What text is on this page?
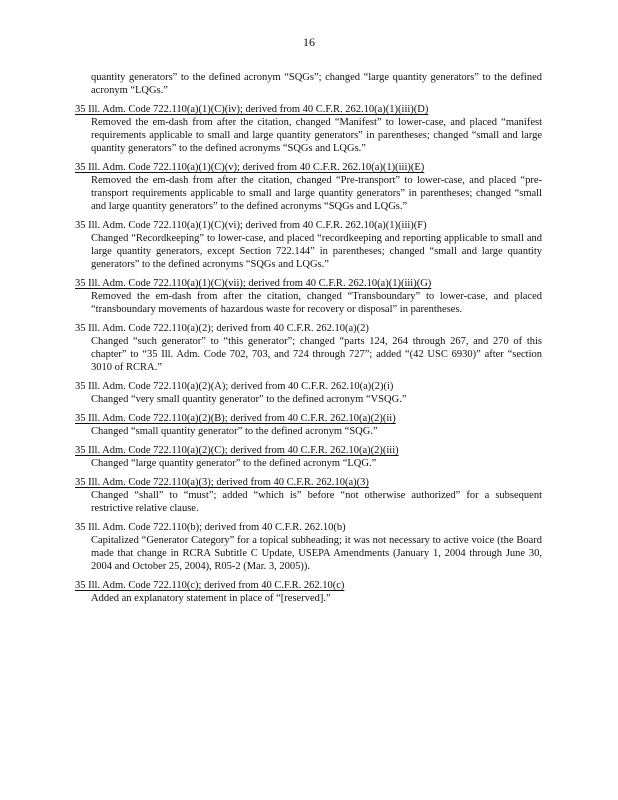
16
quantity generators” to the defined acronym “SQGs”; changed “large quantity generators” to the defined acronym “LQGs.”
35 Ill. Adm. Code 722.110(a)(1)(C)(iv); derived from 40 C.F.R. 262.10(a)(1)(iii)(D)
Removed the em-dash from after the citation, changed “Manifest” to lower-case, and placed “manifest requirements applicable to small and large quantity generators” in parentheses; changed “small and large quantity generators” to the defined acronyms “SQGs and LQGs.”
35 Ill. Adm. Code 722.110(a)(1)(C)(v); derived from 40 C.F.R. 262.10(a)(1)(iii)(E)
Removed the em-dash from after the citation, changed “Pre-transport” to lower-case, and placed “pre-transport requirements applicable to small and large quantity generators” in parentheses; changed “small and large quantity generators” to the defined acronyms “SQGs and LQGs.”
35 Ill. Adm. Code 722.110(a)(1)(C)(vi); derived from 40 C.F.R. 262.10(a)(1)(iii)(F)
Changed “Recordkeeping” to lower-case, and placed “recordkeeping and reporting applicable to small and large quantity generators, except Section 722.144” in parentheses; changed “small and large quantity generators” to the defined acronyms “SQGs and LQGs.”
35 Ill. Adm. Code 722.110(a)(1)(C)(vii); derived from 40 C.F.R. 262.10(a)(1)(iii)(G)
Removed the em-dash from after the citation, changed “Transboundary” to lower-case, and placed “transboundary movements of hazardous waste for recovery or disposal” in parentheses.
35 Ill. Adm. Code 722.110(a)(2); derived from 40 C.F.R. 262.10(a)(2)
Changed “such generator” to “this generator”; changed “parts 124, 264 through 267, and 270 of this chapter” to “35 Ill. Adm. Code 702, 703, and 724 through 727”; added “(42 USC 6930)” after “section 3010 of RCRA.”
35 Ill. Adm. Code 722.110(a)(2)(A); derived from 40 C.F.R. 262.10(a)(2)(i)
Changed “very small quantity generator” to the defined acronym “VSQG.”
35 Ill. Adm. Code 722.110(a)(2)(B); derived from 40 C.F.R. 262.10(a)(2)(ii)
Changed “small quantity generator” to the defined acronym “SQG.”
35 Ill. Adm. Code 722.110(a)(2)(C); derived from 40 C.F.R. 262.10(a)(2)(iii)
Changed “large quantity generator” to the defined acronym “LQG.”
35 Ill. Adm. Code 722.110(a)(3); derived from 40 C.F.R. 262.10(a)(3)
Changed “shall” to “must”; added “which is” before “not otherwise authorized” for a subsequent restrictive relative clause.
35 Ill. Adm. Code 722.110(b); derived from 40 C.F.R. 262.10(b)
Capitalized “Generator Category” for a topical subheading; it was not necessary to active voice (the Board made that change in RCRA Subtitle C Update, USEPA Amendments (January 1, 2004 through June 30, 2004 and October 25, 2004), R05-2 (Mar. 3, 2005)).
35 Ill. Adm. Code 722.110(c); derived from 40 C.F.R. 262.10(c)
Added an explanatory statement in place of “[reserved].”
